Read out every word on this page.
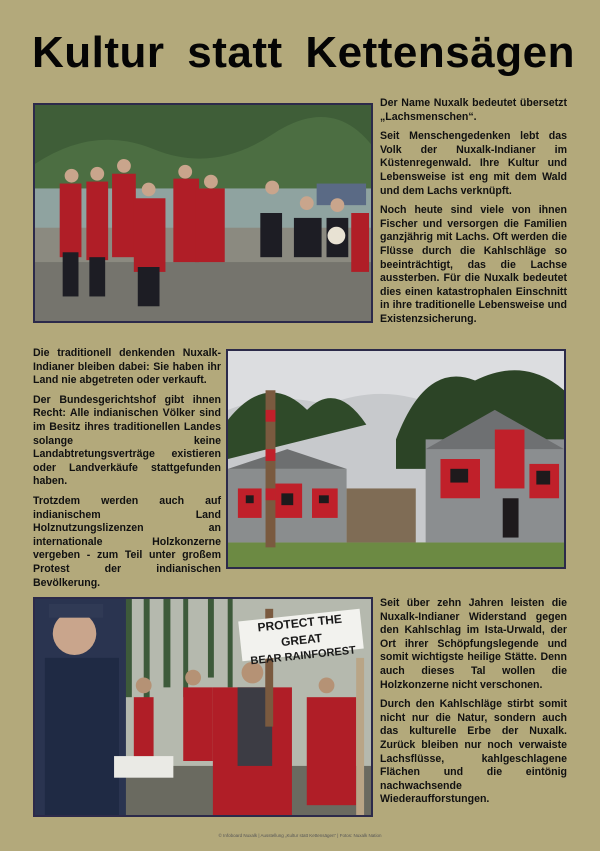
Kultur statt Kettensägen

Der Name Nuxalk bedeutet übersetzt „Lachsmenschen“.

Seit Menschengedenken lebt das Volk der Nuxalk-Indianer im Küstenregenwald. Ihre Kultur und Lebensweise ist eng mit dem Wald und dem Lachs verknüpft.

Noch heute sind viele von ihnen Fischer und versorgen die Familien ganzjährig mit Lachs. Oft werden die Flüsse durch die Kahlschläge so beeinträchtigt, das die Lachse aussterben. Für die Nuxalk bedeutet dies einen katastrophalen Einschnitt in ihre traditionelle Lebensweise und Existenzsicherung.

Die traditionell denkenden Nuxalk-Indianer bleiben dabei: Sie haben ihr Land nie abgetreten oder verkauft.

Der Bundesgerichtshof gibt ihnen Recht: Alle indianischen Völker sind im Besitz ihres traditionellen Landes solange keine Landabtretungsverträge existieren oder Landverkäufe stattgefunden haben.

Trotzdem werden auch auf indianischem Land Holznutzungslizenzen an internationale Holzkonzerne vergeben - zum Teil unter großem Protest der indianischen Bevölkerung.

PROTECT THE GREAT
BEAR RAINFOREST

Seit über zehn Jahren leisten die Nuxalk-Indianer Widerstand gegen den Kahlschlag im Ista-Urwald, der Ort ihrer Schöpfungslegende und somit wichtigste heilige Stätte. Denn auch dieses Tal wollen die Holzkonzerne nicht verschonen.

Durch den Kahlschläge stirbt somit nicht nur die Natur, sondern auch das kulturelle Erbe der Nuxalk. Zurück bleiben nur noch verwaiste Lachsflüsse, kahlgeschlagene Flächen und die eintönig nachwachsende Wiederaufforstungen.

© Infoboard Nuxalk | Ausstellung „Kultur statt Kettensägen“ | Fotos: Nuxalk Nation
